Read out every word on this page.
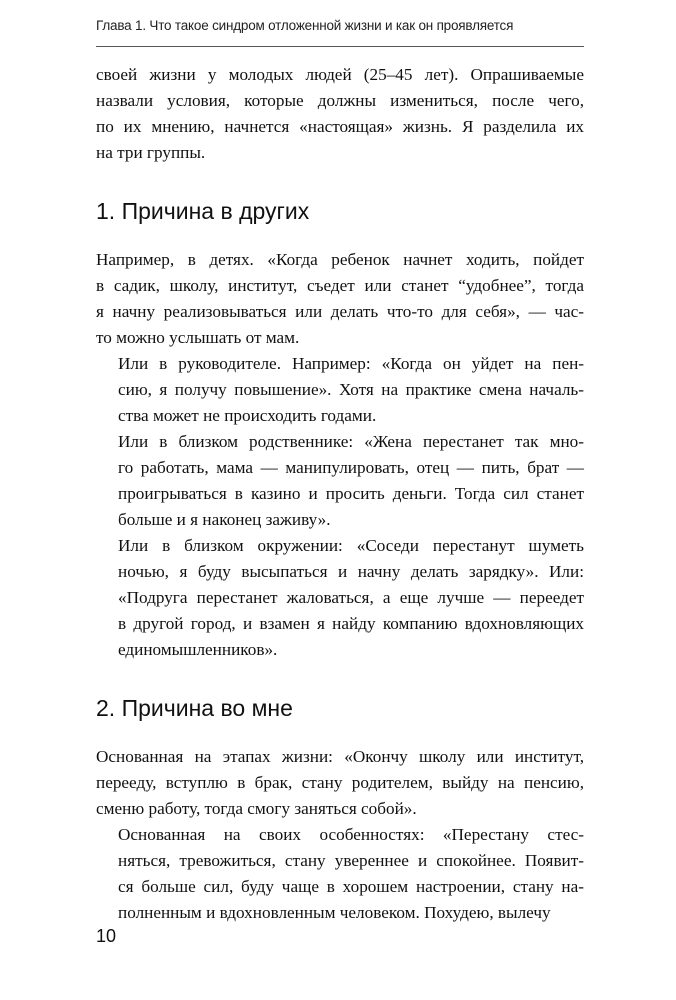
Глава 1. Что такое синдром отложенной жизни и как он проявляется

своей жизни у молодых людей (25–45 лет). Опрашиваемые
назвали условия, которые должны измениться, после чего,
по их мнению, начнется «настоящая» жизнь. Я разделила их
на три группы.

1. Причина в других

Например, в детях. «Когда ребенок начнет ходить, пойдет
в садик, школу, институт, съедет или станет “удобнее”, тогда
я начну реализовываться или делать что-то для себя», — час-
то можно услышать от мам.

Или в руководителе. Например: «Когда он уйдет на пен-
сию, я получу повышение». Хотя на практике смена началь-
ства может не происходить годами.

Или в близком родственнике: «Жена перестанет так мно-
го работать, мама — манипулировать, отец — пить, брат —
проигрываться в казино и просить деньги. Тогда сил станет
больше и я наконец заживу».

Или в близком окружении: «Соседи перестанут шуметь
ночью, я буду высыпаться и начну делать зарядку». Или:
«Подруга перестанет жаловаться, а еще лучше — переедет
в другой город, и взамен я найду компанию вдохновляющих
единомышленников».

2. Причина во мне

Основанная на этапах жизни: «Окончу школу или институт,
перееду, вступлю в брак, стану родителем, выйду на пенсию,
сменю работу, тогда смогу заняться собой».

Основанная на своих особенностях: «Перестану стес-
няться, тревожиться, стану увереннее и спокойнее. Появит-
ся больше сил, буду чаще в хорошем настроении, стану на-
полненным и вдохновленным человеком. Похудею, вылечу

10
